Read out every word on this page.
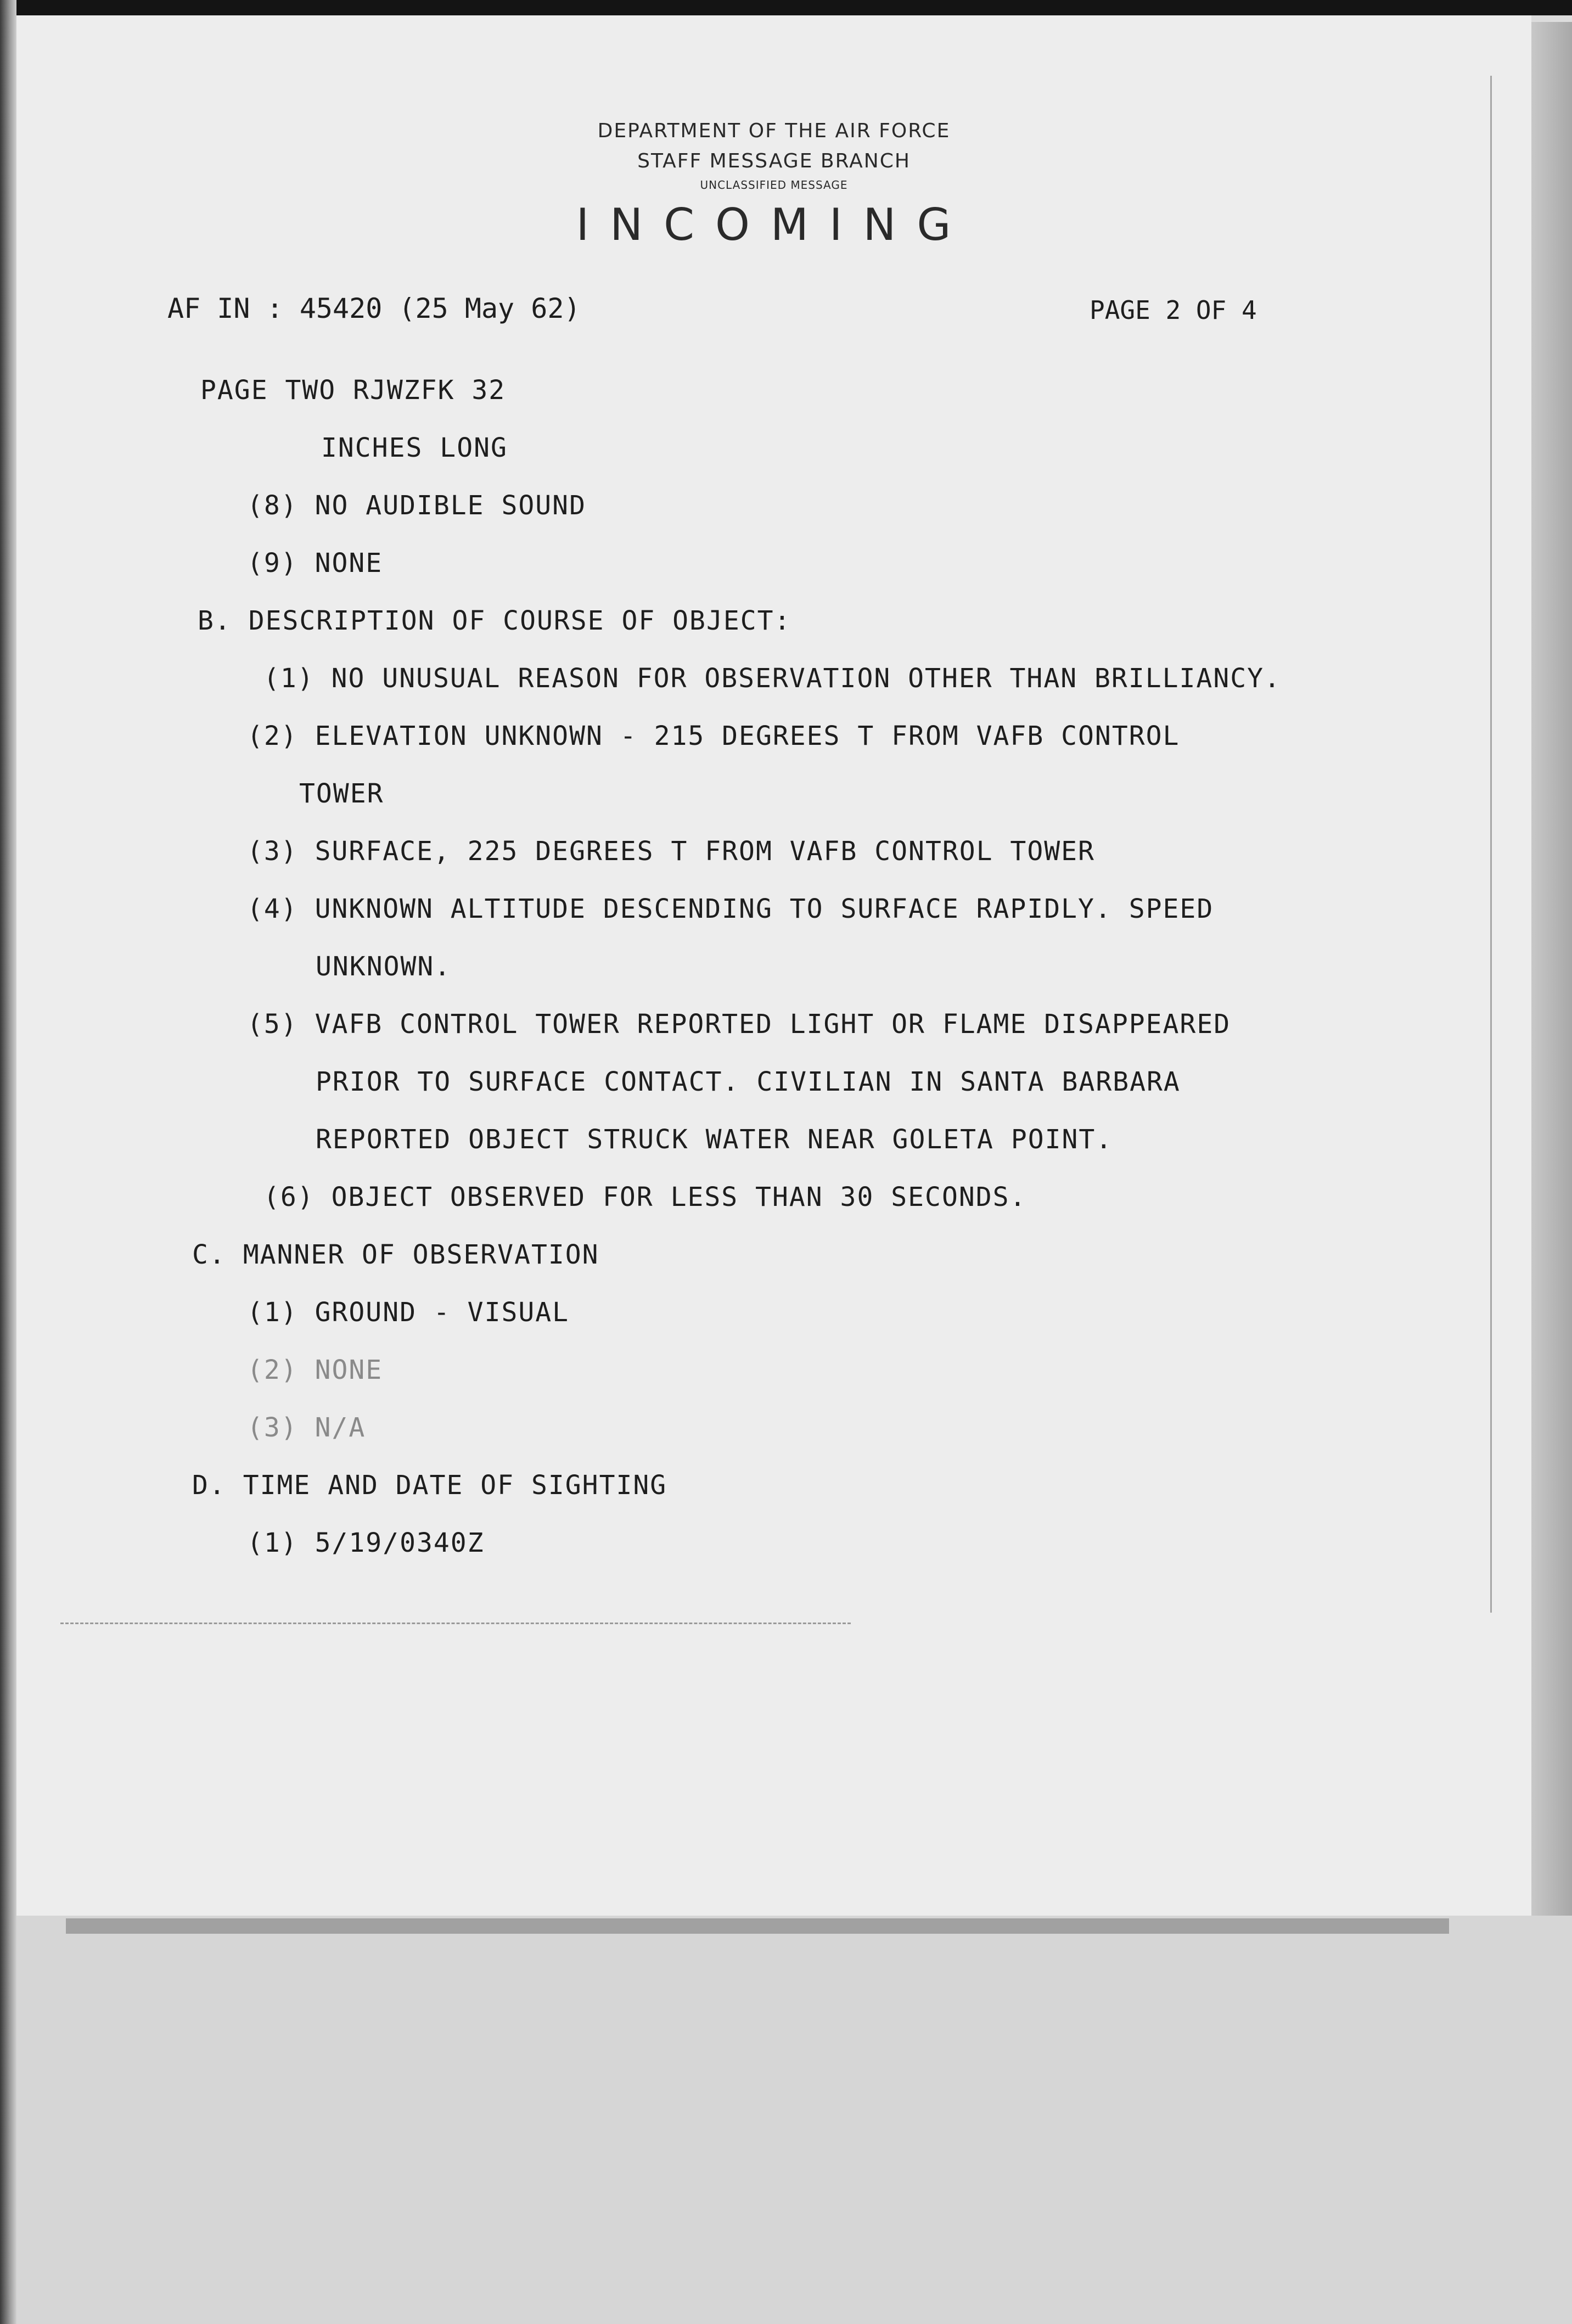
DEPARTMENT OF THE AIR FORCE
STAFF MESSAGE BRANCH
UNCLASSIFIED MESSAGE
INCOMING
AF IN : 45420 (25 May 62)	PAGE 2 OF 4
PAGE TWO RJWZFK 32
INCHES LONG
(8) NO AUDIBLE SOUND
(9) NONE
B. DESCRIPTION OF COURSE OF OBJECT:
(1) NO UNUSUAL REASON FOR OBSERVATION OTHER THAN BRILLIANCY.
(2) ELEVATION UNKNOWN - 215 DEGREES T FROM VAFB CONTROL
TOWER
(3) SURFACE, 225 DEGREES T FROM VAFB CONTROL TOWER
(4) UNKNOWN ALTITUDE DESCENDING TO SURFACE RAPIDLY. SPEED
UNKNOWN.
(5) VAFB CONTROL TOWER REPORTED LIGHT OR FLAME DISAPPEARED
PRIOR TO SURFACE CONTACT. CIVILIAN IN SANTA BARBARA
REPORTED OBJECT STRUCK WATER NEAR GOLETA POINT.
(6) OBJECT OBSERVED FOR LESS THAN 30 SECONDS.
C. MANNER OF OBSERVATION
(1) GROUND - VISUAL
(2) NONE
(3) N/A
D. TIME AND DATE OF SIGHTING
(1) 5/19/0340Z
